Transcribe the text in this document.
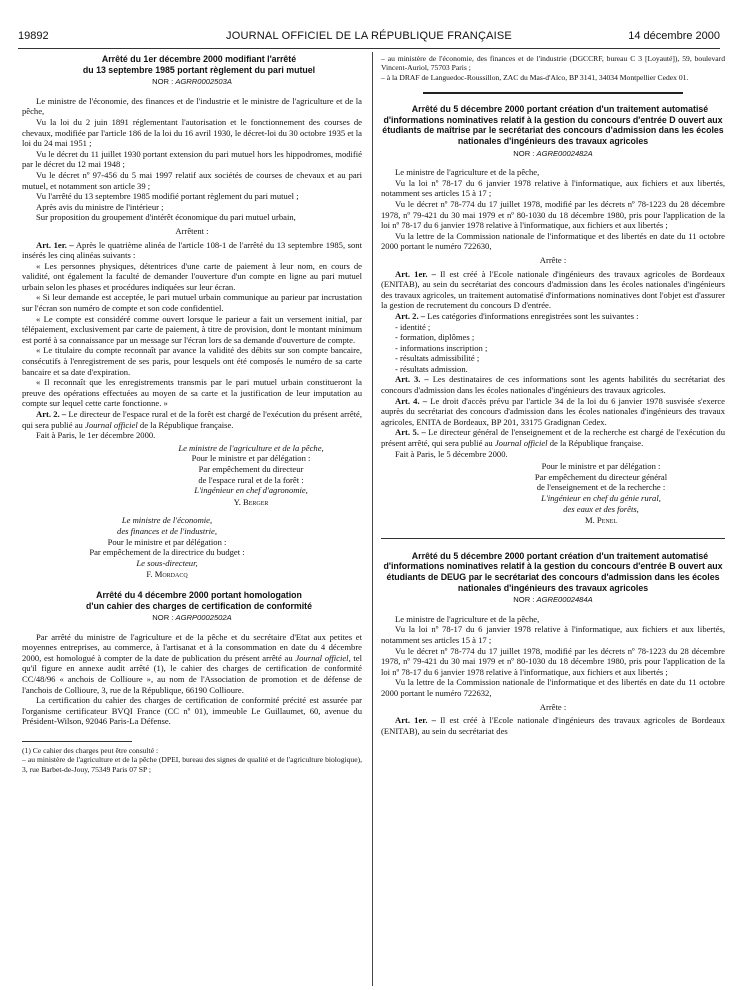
19892	JOURNAL OFFICIEL DE LA RÉPUBLIQUE FRANÇAISE	14 décembre 2000

Arrêté du 1er décembre 2000 modifiant l'arrêté

du 13 septembre 1985 portant règlement du pari mutuel

NOR : AGRR0002503A

Le ministre de l'économie, des finances et de l'industrie et le ministre de l'agriculture et de la pêche,

Vu la loi du 2 juin 1891 réglementant l'autorisation et le fonctionnement des courses de chevaux, modifiée par l'article 186 de la loi du 16 avril 1930, le décret-loi du 30 octobre 1935 et la loi du 24 mai 1951 ;

Vu le décret du 11 juillet 1930 portant extension du pari mutuel hors les hippodromes, modifié par le décret du 12 mai 1948 ;

Vu le décret nº 97-456 du 5 mai 1997 relatif aux sociétés de courses de chevaux et au pari mutuel, et notamment son article 39 ;

Vu l'arrêté du 13 septembre 1985 modifié portant règlement du pari mutuel ;

Après avis du ministre de l'intérieur ;

Sur proposition du groupement d'intérêt économique du pari mutuel urbain,

Arrêtent :

Art. 1er. – Après le quatrième alinéa de l'article 108-1 de l'arrêté du 13 septembre 1985, sont insérés les cinq alinéas suivants :

« Les personnes physiques, détentrices d'une carte de paiement à leur nom, en cours de validité, ont également la faculté de demander l'ouverture d'un compte en ligne au pari mutuel urbain selon les phases et procédures indiquées sur leur écran.

« Si leur demande est acceptée, le pari mutuel urbain communique au parieur par incrustation sur l'écran son numéro de compte et son code confidentiel.

« Le compte est considéré comme ouvert lorsque le parieur a fait un versement initial, par télépaiement, exclusivement par carte de paiement, à titre de provision, dont le montant minimum est porté à sa connaissance par un message sur l'écran lors de sa demande d'ouverture de compte.

« Le titulaire du compte reconnaît par avance la validité des débits sur son compte bancaire, consécutifs à l'enregistrement de ses paris, pour lesquels ont été composés le numéro de sa carte bancaire et sa date d'expiration.

« Il reconnaît que les enregistrements transmis par le pari mutuel urbain constitueront la preuve des opérations effectuées au moyen de sa carte et la justification de leur imputation au compte sur lequel cette carte fonctionne. »

Art. 2. – Le directeur de l'espace rural et de la forêt est chargé de l'exécution du présent arrêté, qui sera publié au Journal officiel de la République française.

Fait à Paris, le 1er décembre 2000.

Le ministre de l'agriculture et de la pêche,
Pour le ministre et par délégation :
Par empêchement du directeur
de l'espace rural et de la forêt :
L'ingénieur en chef d'agronomie,
Y. Berger
Le ministre de l'économie,
des finances et de l'industrie,
Pour le ministre et par délégation :
Par empêchement de la directrice du budget :
Le sous-directeur,
F. Mordacq

Arrêté du 4 décembre 2000 portant homologation

d'un cahier des charges de certification de conformité

NOR : AGRP0002502A

Par arrêté du ministre de l'agriculture et de la pêche et du secrétaire d'Etat aux petites et moyennes entreprises, au commerce, à l'artisanat et à la consommation en date du 4 décembre 2000, est homologué à compter de la date de publication du présent arrêté au Journal officiel, tel qu'il figure en annexe audit arrêté (1), le cahier des charges de certification de conformité CC/48/96 « anchois de Collioure », au nom de l'Association de promotion et de défense de l'anchois de Collioure, 3, rue de la République, 66190 Collioure.

La certification du cahier des charges de certification de conformité précité est assurée par l'organisme certificateur BVQI France (CC nº 01), immeuble Le Guillaumet, 60, avenue du Président-Wilson, 92046 Paris-La Défense.

(1) Ce cahier des charges peut être consulté :

– au ministère de l'agriculture et de la pêche (DPEI, bureau des signes de qualité et de l'agriculture biologique), 3, rue Barbet-de-Jouy, 75349 Paris 07 SP ;

– au ministère de l'économie, des finances et de l'industrie (DGCCRF, bureau C 3 [Loyauté]), 59, boulevard Vincent-Auriol, 75703 Paris ;

– à la DRAF de Languedoc-Roussillon, ZAC du Mas-d'Alco, BP 3141, 34034 Montpellier Cedex 01.

Arrêté du 5 décembre 2000 portant création d'un traitement automatisé d'informations nominatives relatif à la gestion du concours d'entrée D ouvert aux étudiants de maîtrise par le secrétariat des concours d'admission dans les écoles nationales d'ingénieurs des travaux agricoles

NOR : AGRE0002482A

Le ministre de l'agriculture et de la pêche,

Vu la loi nº 78-17 du 6 janvier 1978 relative à l'informatique, aux fichiers et aux libertés, notamment ses articles 15 à 17 ;

Vu le décret nº 78-774 du 17 juillet 1978, modifié par les décrets nº 78-1223 du 28 décembre 1978, nº 79-421 du 30 mai 1979 et nº 80-1030 du 18 décembre 1980, pris pour l'application de la loi nº 78-17 du 6 janvier 1978 relative à l'informatique, aux fichiers et aux libertés ;

Vu la lettre de la Commission nationale de l'informatique et des libertés en date du 11 octobre 2000 portant le numéro 722630,

Arrête :

Art. 1er. – Il est créé à l'Ecole nationale d'ingénieurs des travaux agricoles de Bordeaux (ENITAB), au sein du secrétariat des concours d'admission dans les écoles nationales d'ingénieurs des travaux agricoles, un traitement automatisé d'informations nominatives dont l'objet est d'assurer la gestion de recrutement du concours D d'entrée.

Art. 2. – Les catégories d'informations enregistrées sont les suivantes :

- identité ;

- formation, diplômes ;

- informations inscription ;

- résultats admissibilité ;

- résultats admission.

Art. 3. – Les destinataires de ces informations sont les agents habilités du secrétariat des concours d'admission dans les écoles nationales d'ingénieurs des travaux agricoles.

Art. 4. – Le droit d'accès prévu par l'article 34 de la loi du 6 janvier 1978 susvisée s'exerce auprès du secrétariat des concours d'admission dans les écoles nationales d'ingénieurs des travaux agricoles, ENITA de Bordeaux, BP 201, 33175 Gradignan Cedex.

Art. 5. – Le directeur général de l'enseignement et de la recherche est chargé de l'exécution du présent arrêté, qui sera publié au Journal officiel de la République française.

Fait à Paris, le 5 décembre 2000.

Pour le ministre et par délégation :
Par empêchement du directeur général
de l'enseignement et de la recherche :
L'ingénieur en chef du génie rural,
des eaux et des forêts,
M. Penel

Arrêté du 5 décembre 2000 portant création d'un traitement automatisé d'informations nominatives relatif à la gestion du concours d'entrée B ouvert aux étudiants de DEUG par le secrétariat des concours d'admission dans les écoles nationales d'ingénieurs des travaux agricoles

NOR : AGRE0002484A

Le ministre de l'agriculture et de la pêche,

Vu la loi nº 78-17 du 6 janvier 1978 relative à l'informatique, aux fichiers et aux libertés, notamment ses articles 15 à 17 ;

Vu le décret nº 78-774 du 17 juillet 1978, modifié par les décrets nº 78-1223 du 28 décembre 1978, nº 79-421 du 30 mai 1979 et nº 80-1030 du 18 décembre 1980, pris pour l'application de la loi nº 78-17 du 6 janvier 1978 relative à l'informatique, aux fichiers et aux libertés ;

Vu la lettre de la Commission nationale de l'informatique et des libertés en date du 11 octobre 2000 portant le numéro 722632,

Arrête :

Art. 1er. – Il est créé à l'Ecole nationale d'ingénieurs des travaux agricoles de Bordeaux (ENITAB), au sein du secrétariat des
